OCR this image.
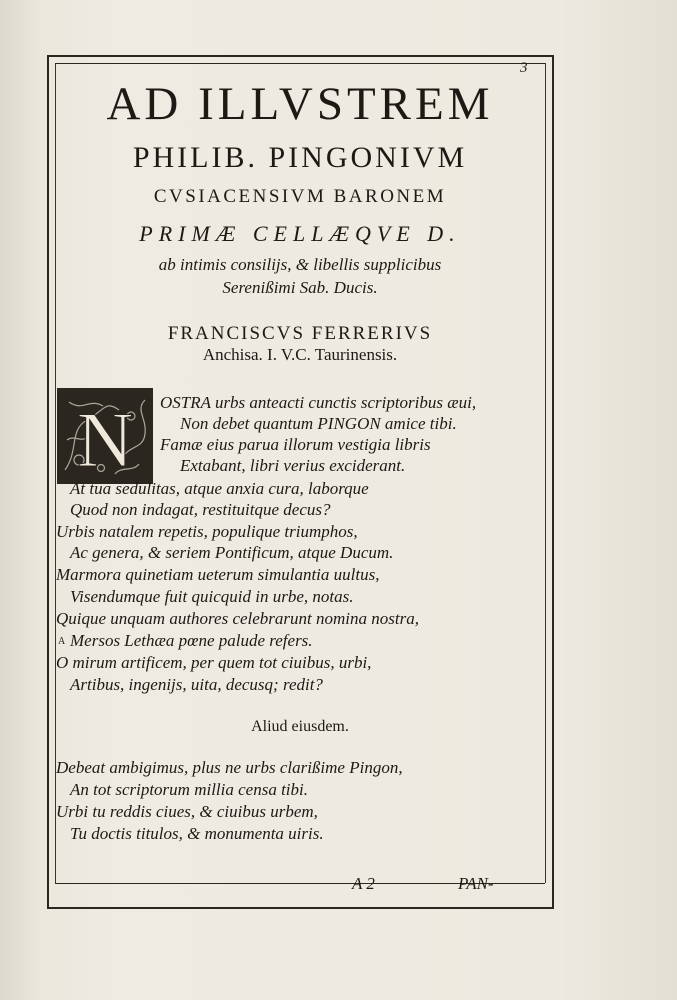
3
AD ILLVSTREM
PHILIB. PINGONIVM
CVSIACENSIVM BARONEM
PRIMÆ CELLÆQVE D.
ab intimis consilijs, & libellis supplicibus
Serenißimi Sab. Ducis.
FRANCISCVS FERRERIVS
Anchisa. I. V.C. Taurinensis.
N OSTRA urbs anteacti cunctis scriptoribus æui,
Non debet quantum PINGON amice tibi.
Famæ eius parua illorum vestigia libris
Extabant, libri verius exciderant.
At tua sedulitas, atque anxia cura, laborque
Quod non indagat, restituitque decus?
Urbis natalem repetis, populique triumphos,
Ac genera, & seriem Pontificum, atque Ducum.
Marmora quinetiam ueterum simulantia uultus,
Visendumque fuit quicquid in urbe, notas.
Quique unquam authores celebrarunt nomina nostra,
A Mersos Lethæa pœne palude refers.
O mirum artificem, per quem tot ciuibus, urbi,
Artibus, ingenijs, uita, decusq; redit?
Aliud eiusdem.
Debeat ambigimus, plus ne urbs clarißime Pingon,
An tot scriptorum millia censa tibi.
Urbi tu reddis ciues, & ciuibus urbem,
Tu doctis titulos, & monumenta uiris.
A 2	PAN-
